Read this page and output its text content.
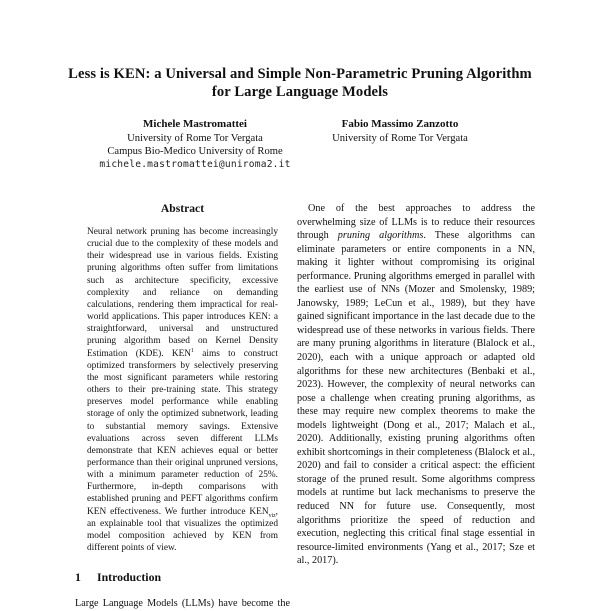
Less is KEN: a Universal and Simple Non-Parametric Pruning Algorithm
for Large Language Models
Michele Mastromattei
University of Rome Tor Vergata
Campus Bio-Medico University of Rome
michele.mastromattei@uniroma2.it
Fabio Massimo Zanzotto
University of Rome Tor Vergata
Abstract
Neural network pruning has become increasingly crucial due to the complexity of these models and their widespread use in various fields. Existing pruning algorithms often suffer from limitations such as architecture specificity, excessive complexity and reliance on demanding calculations, rendering them impractical for real-world applications. This paper introduces KEN: a straightforward, universal and unstructured pruning algorithm based on Kernel Density Estimation (KDE). KEN$^1$ aims to construct optimized transformers by selectively preserving the most significant parameters while restoring others to their pre-training state. This strategy preserves model performance while enabling storage of only the optimized subnetwork, leading to substantial memory savings. Extensive evaluations across seven different LLMs demonstrate that KEN achieves equal or better performance than their original unpruned versions, with a minimum parameter reduction of 25%. Furthermore, in-depth comparisons with established pruning and PEFT algorithms confirm KEN effectiveness. We further introduce $KEN_{viz}$, an explainable tool that visualizes the optimized model composition achieved by KEN from different points of view.
1	Introduction
Large Language Models (LLMs) have become the
One of the best approaches to address the overwhelming size of LLMs is to reduce their resources through pruning algorithms. These algorithms can eliminate parameters or entire components in a NN, making it lighter without compromising its original performance. Pruning algorithms emerged in parallel with the earliest use of NNs (Mozer and Smolensky, 1989; Janowsky, 1989; LeCun et al., 1989), but they have gained significant importance in the last decade due to the widespread use of these networks in various fields. There are many pruning algorithms in literature (Blalock et al., 2020), each with a unique approach or adapted old algorithms for these new architectures (Benbaki et al., 2023). However, the complexity of neural networks can pose a challenge when creating pruning algorithms, as these may require new complex theorems to make the models lightweight (Dong et al., 2017; Malach et al., 2020). Additionally, existing pruning algorithms often exhibit shortcomings in their completeness (Blalock et al., 2020) and fail to consider a critical aspect: the efficient storage of the pruned result. Some algorithms compress models at runtime but lack mechanisms to preserve the reduced NN for future use. Consequently, most algorithms prioritize the speed of reduction and execution, neglecting this critical final stage essential in resource-limited environments (Yang et al., 2017; Sze et al., 2017).
